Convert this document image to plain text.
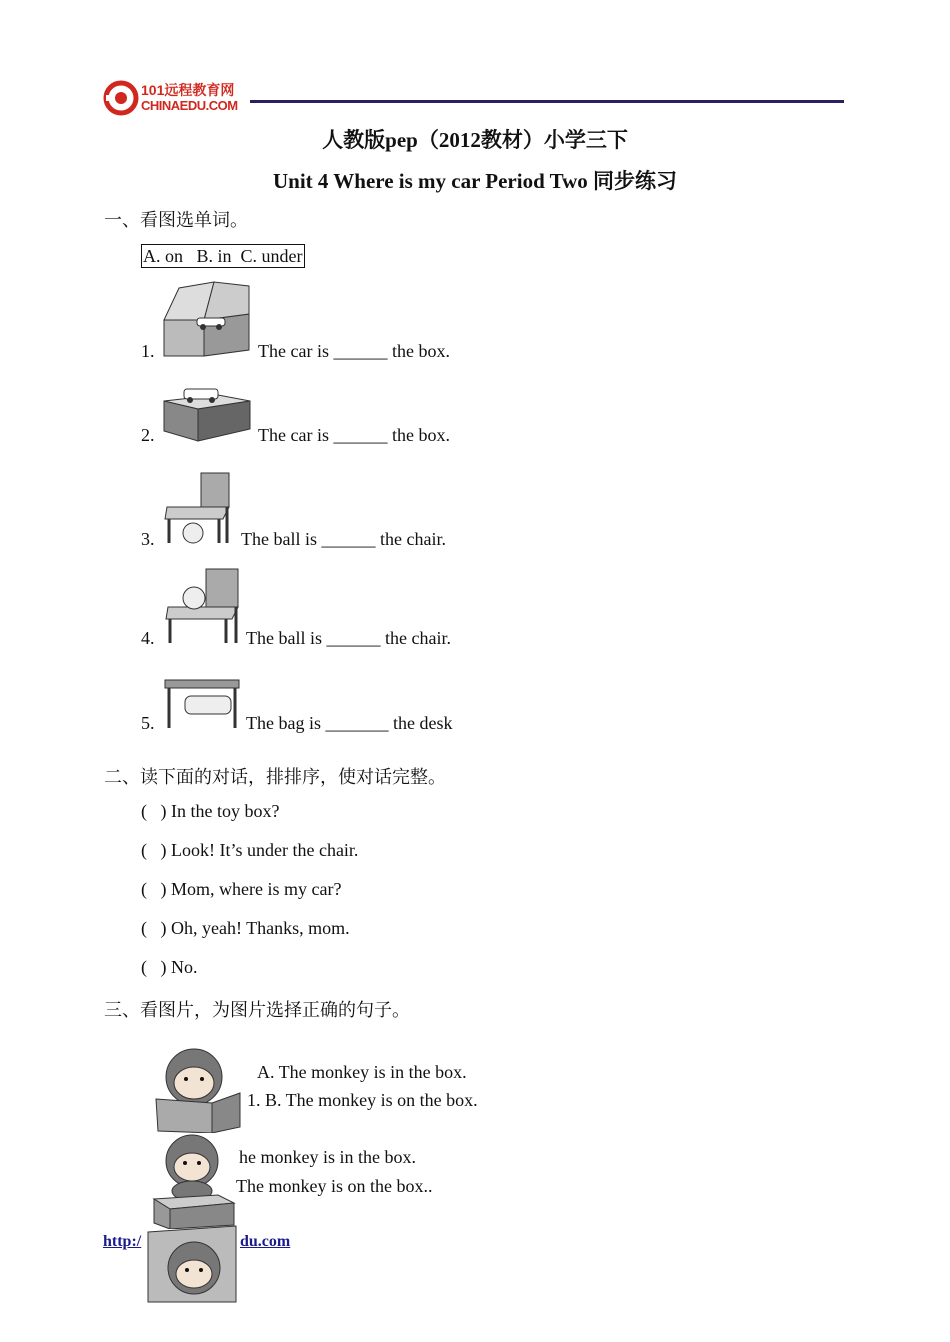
101远程教育网
CHINAEDU.COM
人教版pep（2012教材）小学三下
Unit 4 Where is my car Period Two 同步练习
一、看图选单词。
A. on   B. in  C. under
1.	The car is ______ the box.
2.	The car is ______ the box.
3.	The ball is ______ the chair.
4.	The ball is ______ the chair.
5.	The bag is _______ the desk
二、读下面的对话，排排序，使对话完整。
(   ) In the toy box?
(   ) Look! It’s under the chair.
(   ) Mom, where is my car?
(   ) Oh, yeah! Thanks, mom.
(   ) No.
三、看图片，为图片选择正确的句子。
A. The monkey is in the box.
1. B. The monkey is on the box.
he monkey is in the box.
The monkey is on the box..
http:/	du.com
